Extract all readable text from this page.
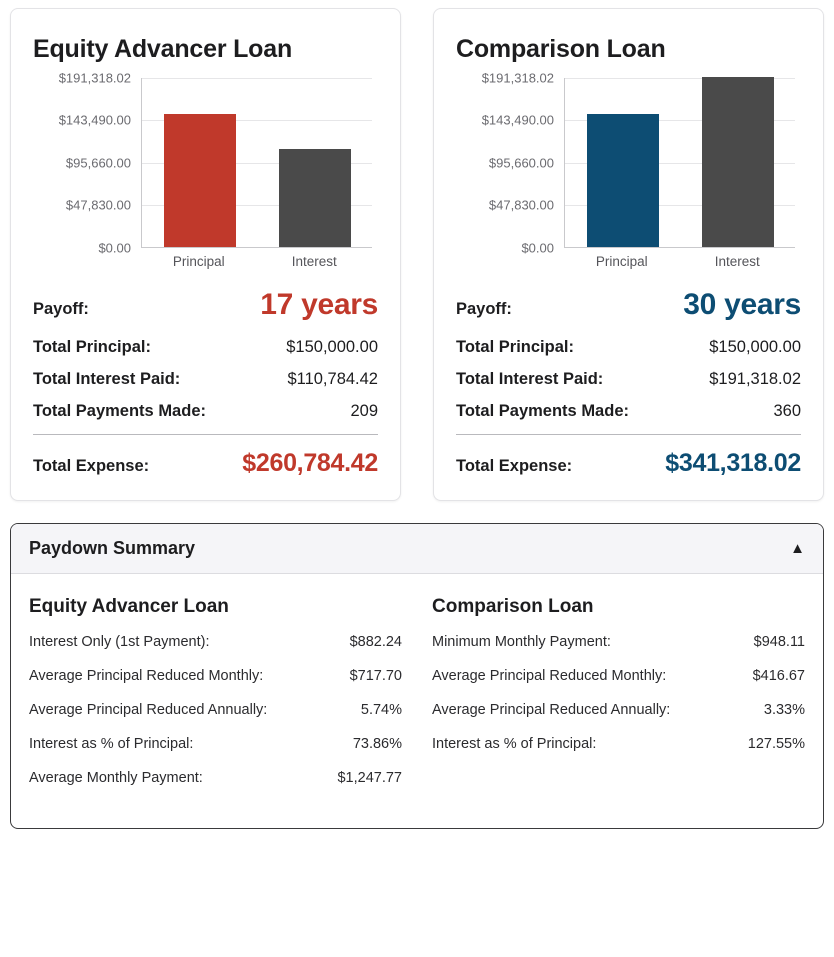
Equity Advancer Loan
$0.00
$47,830.00
$95,660.00
$143,490.00
$191,318.02
Principal	Interest
Payoff:	17 years
Total Principal:	$150,000.00
Total Interest Paid:	$110,784.42
Total Payments Made:	209
Total Expense:	$260,784.42
Comparison Loan
$0.00
$47,830.00
$95,660.00
$143,490.00
$191,318.02
Principal	Interest
Payoff:	30 years
Total Principal:	$150,000.00
Total Interest Paid:	$191,318.02
Total Payments Made:	360
Total Expense:	$341,318.02
Paydown Summary	▲
Equity Advancer Loan
Interest Only (1st Payment):	$882.24
Average Principal Reduced Monthly:	$717.70
Average Principal Reduced Annually:	5.74%
Interest as % of Principal:	73.86%
Average Monthly Payment:	$1,247.77
Comparison Loan
Minimum Monthly Payment:	$948.11
Average Principal Reduced Monthly:	$416.67
Average Principal Reduced Annually:	3.33%
Interest as % of Principal:	127.55%
